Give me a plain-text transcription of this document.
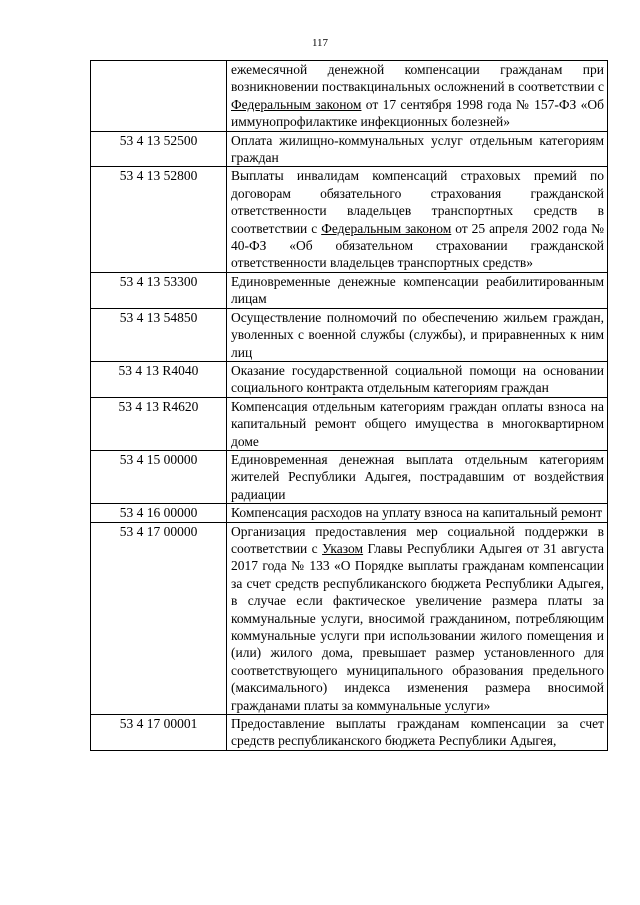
117
	ежемесячной денежной компенсации гражданам при возникновении поствакцинальных осложнений в соответствии с Федеральным законом от 17 сентября 1998 года № 157-ФЗ «Об иммунопрофилактике инфекционных болезней»
53 4 13 52500	Оплата жилищно-коммунальных услуг отдельным категориям граждан
53 4 13 52800	Выплаты инвалидам компенсаций страховых премий по договорам обязательного страхования гражданской ответственности владельцев транспортных средств в соответствии с Федеральным законом от 25 апреля 2002 года № 40-ФЗ «Об обязательном страховании гражданской ответственности владельцев транспортных средств»
53 4 13 53300	Единовременные денежные компенсации реабилитированным лицам
53 4 13 54850	Осуществление полномочий по обеспечению жильем граждан, уволенных с военной службы (службы), и приравненных к ним лиц
53 4 13 R4040	Оказание государственной социальной помощи на основании социального контракта отдельным категориям граждан
53 4 13 R4620	Компенсация отдельным категориям граждан оплаты взноса на капитальный ремонт общего имущества в многоквартирном доме
53 4 15 00000	Единовременная денежная выплата отдельным категориям жителей Республики Адыгея, пострадавшим от воздействия радиации
53 4 16 00000	Компенсация расходов на уплату взноса на капитальный ремонт
53 4 17 00000	Организация предоставления мер социальной поддержки в соответствии с Указом Главы Республики Адыгея от 31 августа 2017 года № 133 «О Порядке выплаты гражданам компенсации за счет средств республиканского бюджета Республики Адыгея, в случае если фактическое увеличение размера платы за коммунальные услуги, вносимой гражданином, потребляющим коммунальные услуги при использовании жилого помещения и (или) жилого дома, превышает размер установленного для соответствующего муниципального образования предельного (максимального) индекса изменения размера вносимой гражданами платы за коммунальные услуги»
53 4 17 00001	Предоставление выплаты гражданам компенсации за счет средств республиканского бюджета Республики Адыгея,
